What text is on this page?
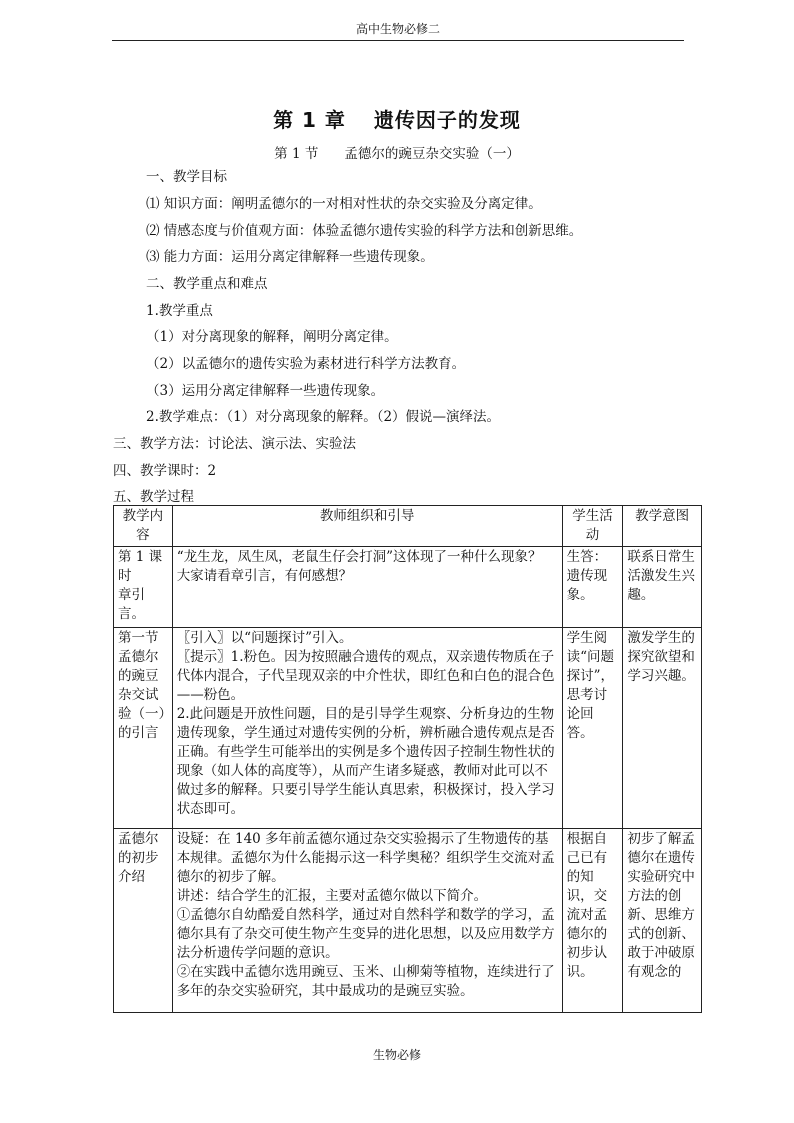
高中生物必修二
第 1 章 遗传因子的发现
第 1 节 孟德尔的豌豆杂交实验（一）
一、教学目标
⑴ 知识方面：阐明孟德尔的一对相对性状的杂交实验及分离定律。
⑵ 情感态度与价值观方面：体验孟德尔遗传实验的科学方法和创新思维。
⑶ 能力方面：运用分离定律解释一些遗传现象。
二、教学重点和难点
1.教学重点
（1）对分离现象的解释，阐明分离定律。
（2）以孟德尔的遗传实验为素材进行科学方法教育。
（3）运用分离定律解释一些遗传现象。
2.教学难点：（1）对分离现象的解释。（2）假说—演绎法。
三、教学方法：讨论法、演示法、实验法
四、教学课时：2
五、教学过程
教学内容	教师组织和引导	学生活动	教学意图

第 1 课时
章引言。	“龙生龙，凤生凤，老鼠生仔会打洞”这体现了一种什么现象？
大家请看章引言，有何感想？	生答：遗传现象。	联系日常生活激发生兴趣。

第一节孟德尔的豌豆杂交试验（一）的引言	〖引入〗以“问题探讨”引入。
〖提示〗1.粉色。因为按照融合遗传的观点，双亲遗传物质在子代体内混合，子代呈现双亲的中介性状，即红色和白色的混合色——粉色。
2.此问题是开放性问题，目的是引导学生观察、分析身边的生物遗传现象，学生通过对遗传实例的分析，辨析融合遗传观点是否正确。有些学生可能举出的实例是多个遗传因子控制生物性状的现象（如人体的高度等），从而产生诸多疑惑，教师对此可以不做过多的解释。只要引导学生能认真思索，积极探讨，投入学习状态即可。	学生阅读“问题探讨”，思考讨论回答。	激发学生的探究欲望和学习兴趣。

孟德尔的初步介绍	设疑：在 140 多年前孟德尔通过杂交实验揭示了生物遗传的基本规律。孟德尔为什么能揭示这一科学奥秘？组织学生交流对孟德尔的初步了解。
讲述：结合学生的汇报，主要对孟德尔做以下简介。
①孟德尔自幼酷爱自然科学，通过对自然科学和数学的学习，孟德尔具有了杂交可使生物产生变异的进化思想，以及应用数学方法分析遗传学问题的意识。
②在实践中孟德尔选用豌豆、玉米、山柳菊等植物，连续进行了多年的杂交实验研究，其中最成功的是豌豆实验。	根据自己已有的知识，交流对孟德尔的初步认识。	初步了解孟德尔在遗传实验研究中方法的创新、思维方式的创新、敢于冲破原有观念的
生物必修
